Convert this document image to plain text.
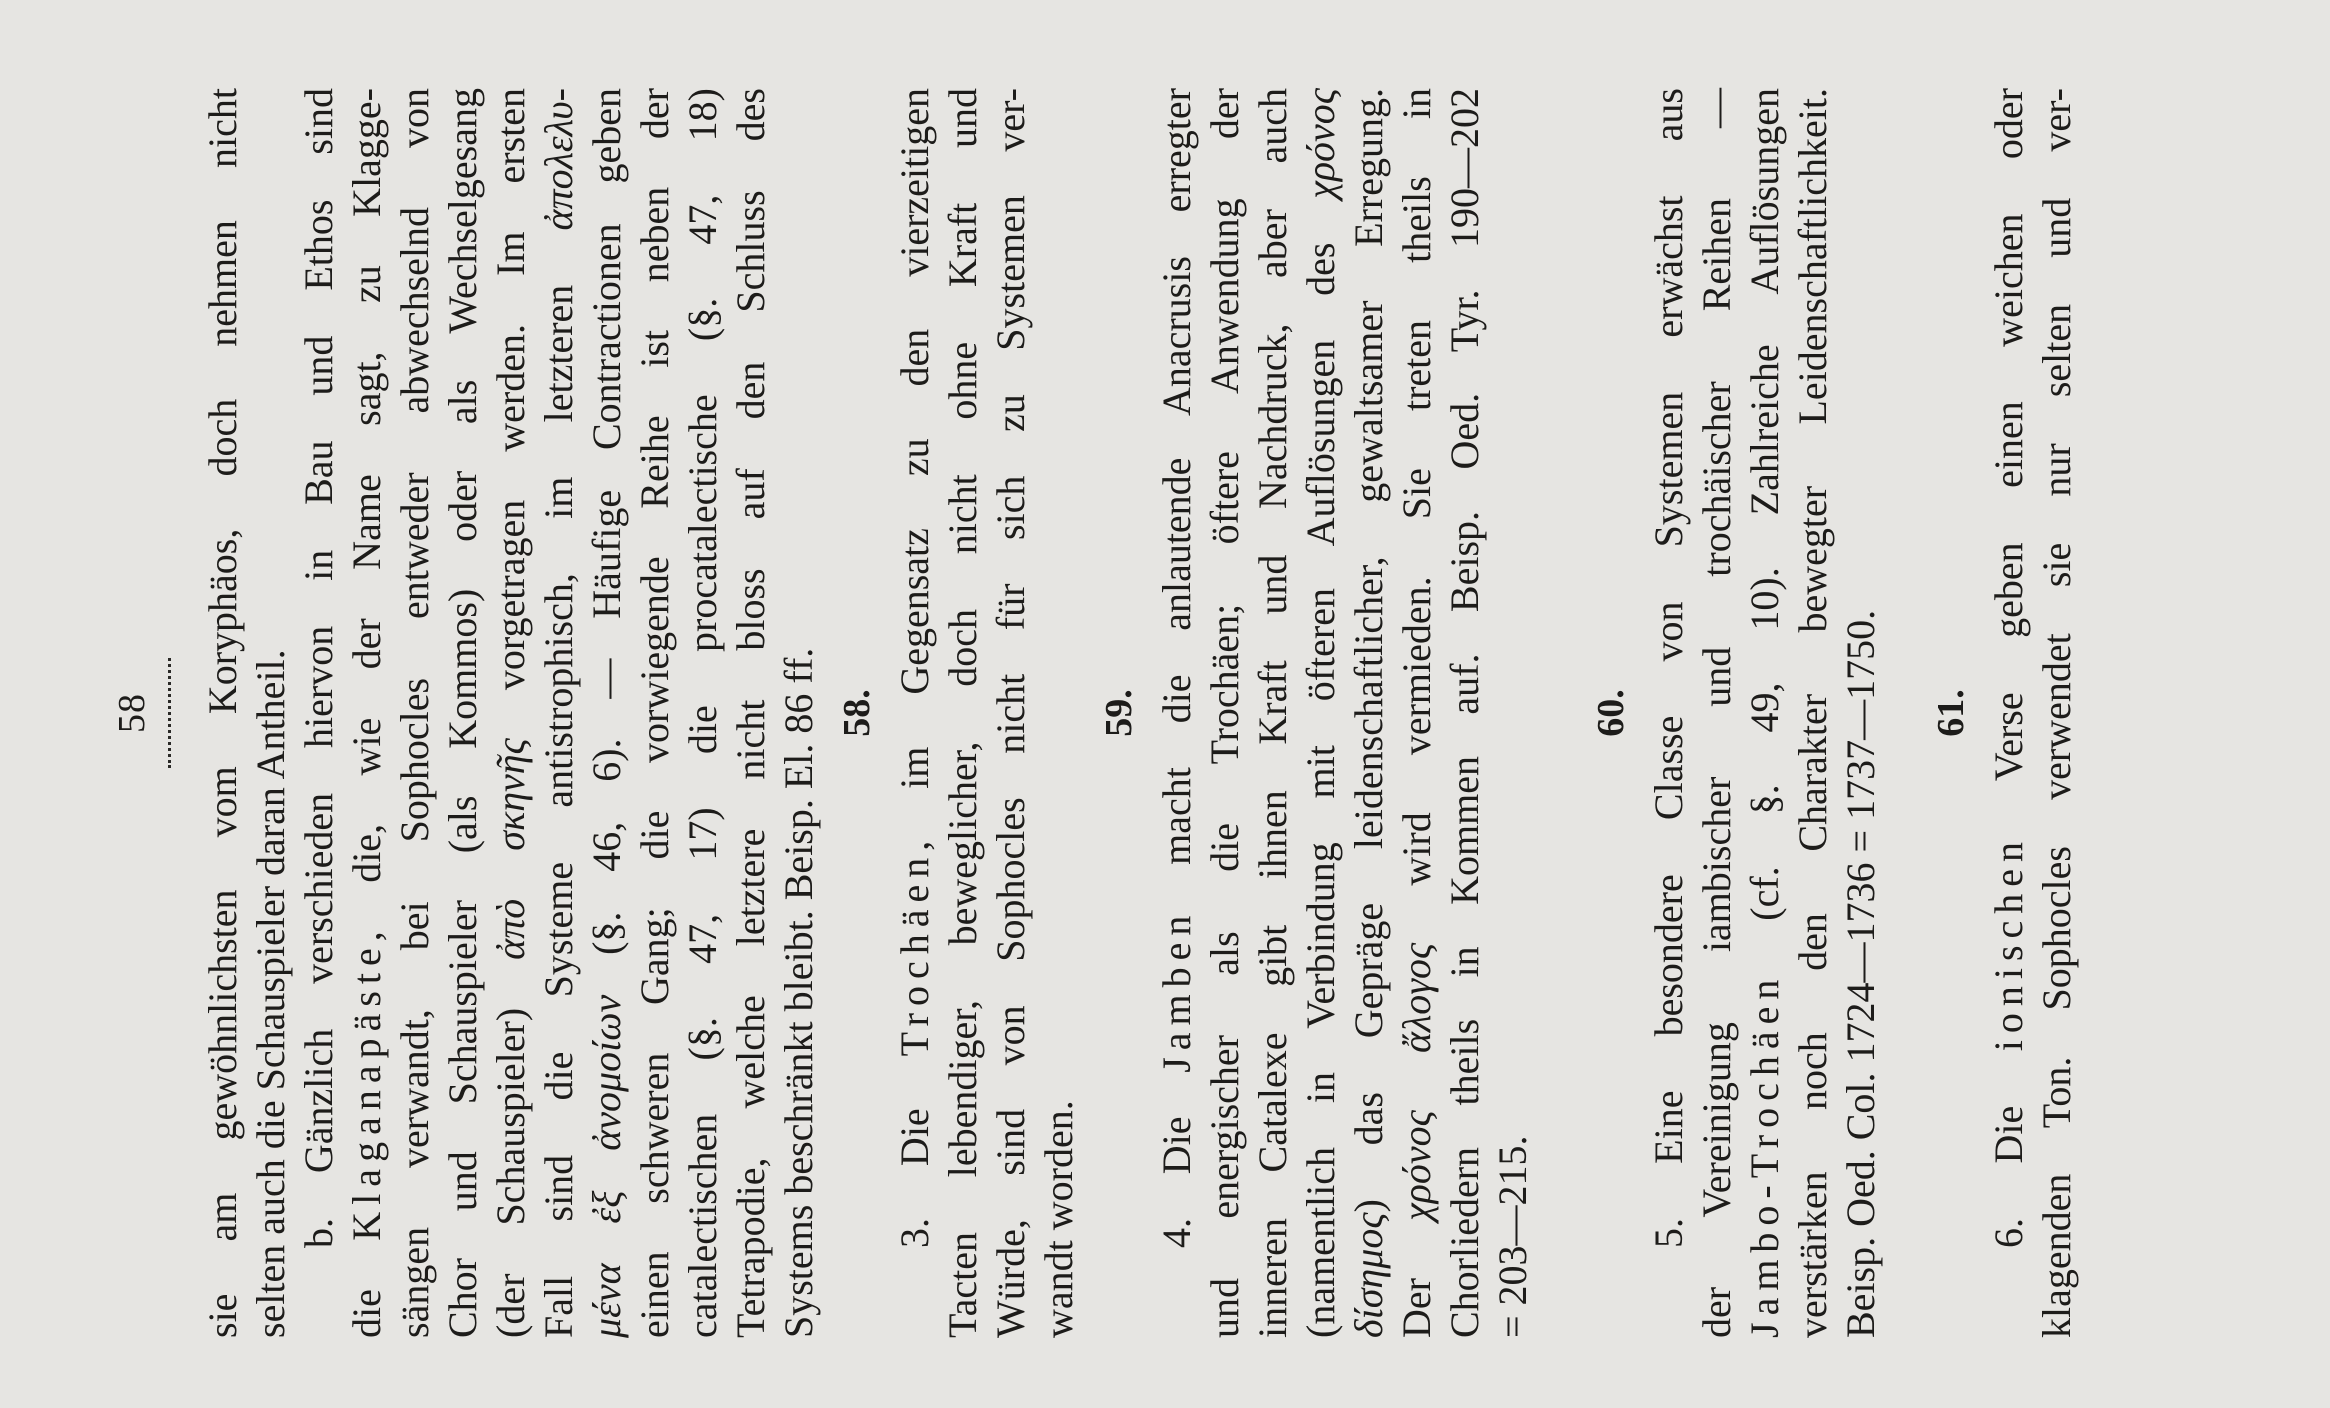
58 sie am gewöhnlichsten vom Koryphäos, doch nehmen nicht selten auch die Schauspieler daran Antheil. b. Gänzlich verschieden hiervon in Bau und Ethos sind
die Klaganapäste, die, wie der Name sagt, zu Klagge- sängen verwandt, bei Sophocles entweder abwechselnd von Chor und Schauspieler (als Kommos) oder als Wechselgesang (der Schauspieler) ἀπὸ σκηνῆς vorgetragen werden. Im ersten Fall sind die Systeme antistrophisch, im letzteren ἀπολελυ-
μένα ἐξ ἀνομοίων (§. 46, 6). — Häufige Contractionen geben einen schweren Gang; die vorwiegende Reihe ist neben der catalectischen (§. 47, 17) die procatalectische (§. 47, 18) Tetrapodie, welche letztere nicht bloss auf den Schluss des Systems beschränkt bleibt. Beisp. El. 86 ff. 58.
3. Die Trochäen, im Gegensatz zu den vierzeitigen Tacten lebendiger, beweglicher, doch nicht ohne Kraft und Würde, sind von Sophocles nicht für sich zu Systemen ver- wandt worden.
59.
4. Die Jamben macht die anlautende Anacrusis erregter und energischer als die Trochäen; öftere Anwendung der inneren Catalexe gibt ihnen Kraft und Nachdruck, aber auch (namentlich in Verbindung mit öfteren Auflösungen des χρόνος
δίσημος) das Gepräge leidenschaftlicher, gewaltsamer Erregung.
Der χρόνος ἄλογος wird vermieden. Sie treten theils in Chorliedern theils in Kommen auf. Beisp. Oed. Tyr. 190—202 = 203—215.
60. 5. Eine besondere Classe von Systemen erwächst aus der Vereinigung iambischer und trochäischer Reihen — Jambo-Trochäen (cf. §. 49, 10). Zahlreiche Auflösungen verstärken noch den Charakter bewegter Leidenschaftlichkeit. Beisp. Oed. Col. 1724—1736 = 1737—1750. 61.
6. Die ionischen Verse geben einen weichen oder klagenden Ton. Sophocles verwendet sie nur selten und ver-
